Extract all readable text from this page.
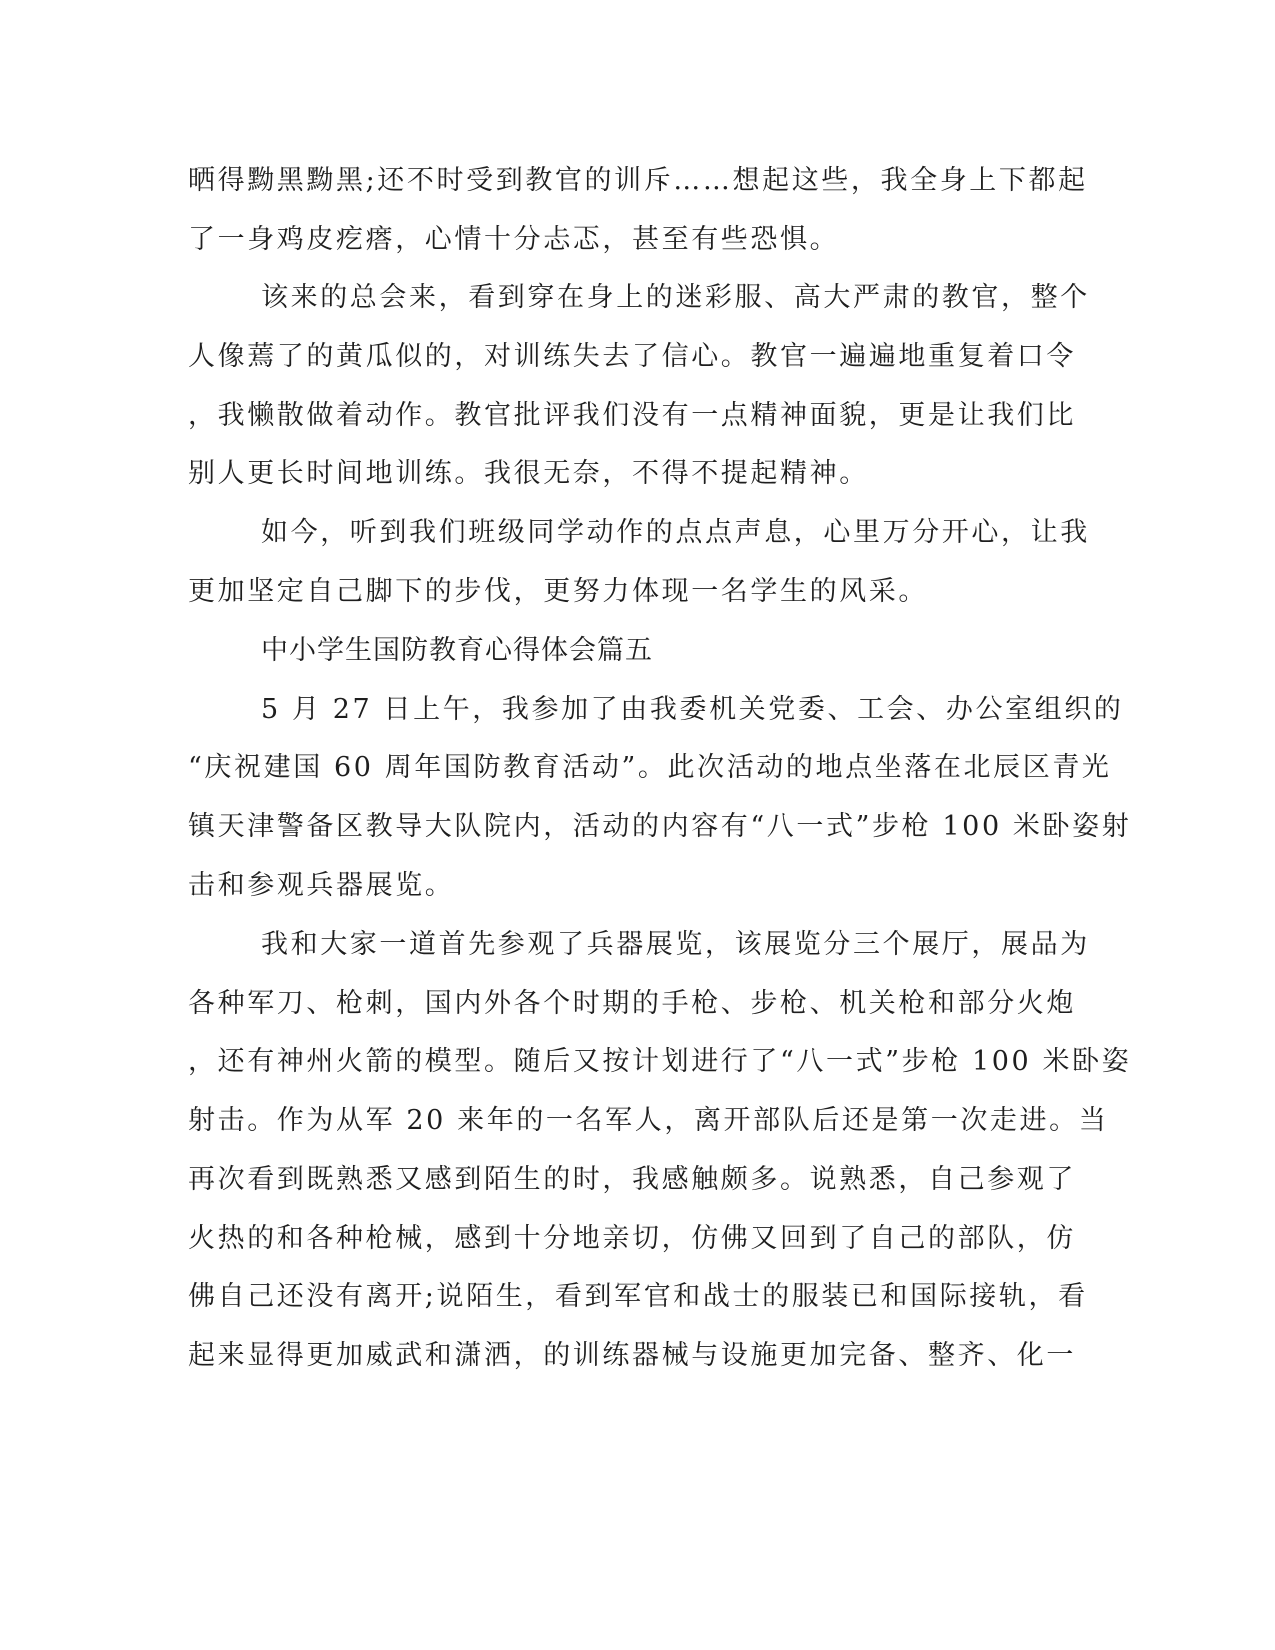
晒得黝黑黝黑;还不时受到教官的训斥……想起这些，我全身上下都起

了一身鸡皮疙瘩，心情十分忐忑，甚至有些恐惧。

该来的总会来，看到穿在身上的迷彩服、高大严肃的教官，整个

人像蔫了的黄瓜似的，对训练失去了信心。教官一遍遍地重复着口令

，我懒散做着动作。教官批评我们没有一点精神面貌，更是让我们比

别人更长时间地训练。我很无奈，不得不提起精神。

如今，听到我们班级同学动作的点点声息，心里万分开心，让我

更加坚定自己脚下的步伐，更努力体现一名学生的风采。

中小学生国防教育心得体会篇五

5 月 27 日上午，我参加了由我委机关党委、工会、办公室组织的

“庆祝建国 60 周年国防教育活动”。此次活动的地点坐落在北辰区青光

镇天津警备区教导大队院内，活动的内容有“八一式”步枪 100 米卧姿射

击和参观兵器展览。

我和大家一道首先参观了兵器展览，该展览分三个展厅，展品为

各种军刀、枪刺，国内外各个时期的手枪、步枪、机关枪和部分火炮

，还有神州火箭的模型。随后又按计划进行了“八一式”步枪 100 米卧姿

射击。作为从军 20 来年的一名军人，离开部队后还是第一次走进。当

再次看到既熟悉又感到陌生的时，我感触颇多。说熟悉，自己参观了

火热的和各种枪械，感到十分地亲切，仿佛又回到了自己的部队，仿

佛自己还没有离开;说陌生，看到军官和战士的服装已和国际接轨，看

起来显得更加威武和潇洒，的训练器械与设施更加完备、整齐、化一
